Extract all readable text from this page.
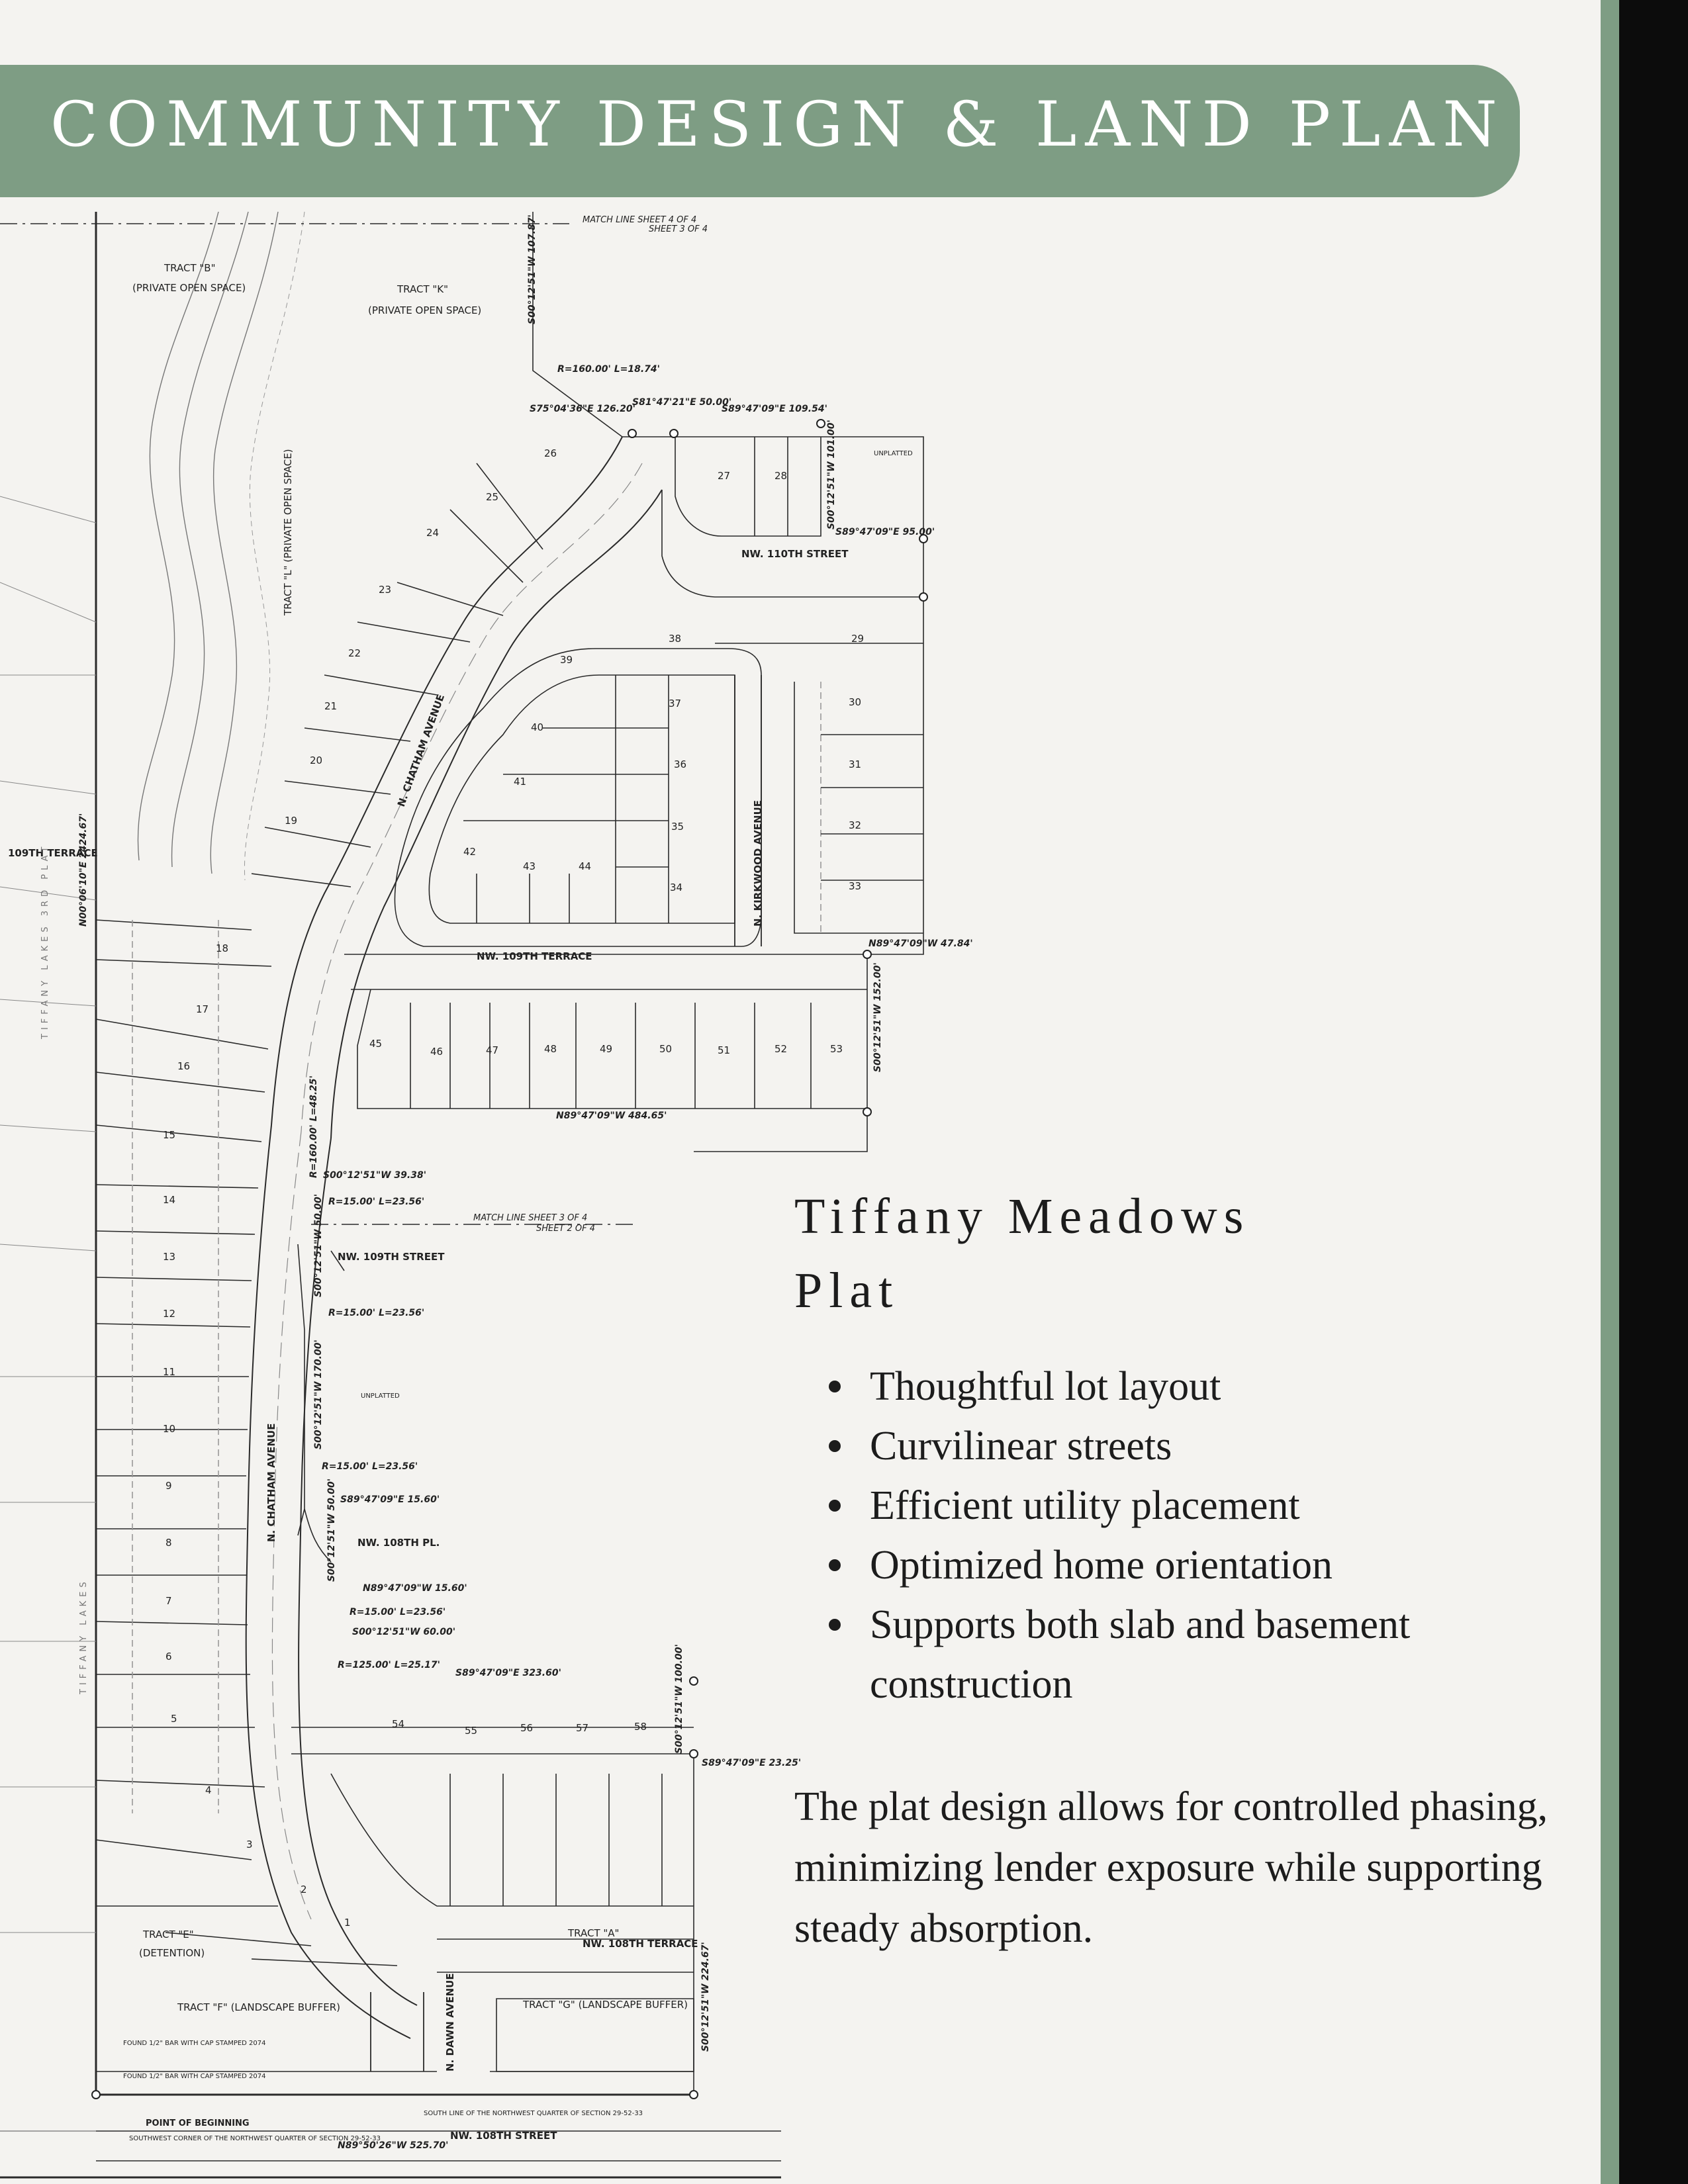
COMMUNITY DESIGN & LAND PLAN
N. CHATHAM AVENUE
NW. 110TH STREET
N. KIRKWOOD AVENUE
NW. 109TH TERRACE
109TH TERRACE
NW. 109TH STREET
N. CHATHAM AVENUE
NW. 108TH PL.
NW. 108TH TERRACE
N. DAWN AVENUE
NW. 108TH STREET
TRACT "B"
(PRIVATE OPEN SPACE)	TRACT "K"
(PRIVATE OPEN SPACE)
TRACT "L" (PRIVATE OPEN SPACE)
TRACT "E"
(DETENTION)
TRACT "A"
TRACT "F" (LANDSCAPE BUFFER)	TRACT "G" (LANDSCAPE BUFFER)
MATCH LINE SHEET 4 OF 4
SHEET 3 OF 4
MATCH LINE SHEET 3 OF 4
SHEET 2 OF 4
UNPLATTED
UNPLATTED
TIFFANY LAKES 3RD PLAT
TIFFANY LAKES
POINT OF BEGINNING
SOUTHWEST CORNER OF THE NORTHWEST QUARTER OF SECTION 29-52-33
FOUND 1/2" BAR WITH CAP STAMPED 2074
FOUND 1/2" BAR WITH CAP STAMPED 2074
SOUTH LINE OF THE NORTHWEST QUARTER OF SECTION 29-52-33
S00°12'51"W 107.87'
R=160.00' L=18.74'
S75°04'36"E 126.20'
S81°47'21"E 50.00'
S89°47'09"E 109.54'
S00°12'51"W 101.00'
S89°47'09"E 95.00'
N89°47'09"W 47.84'
S00°12'51"W 152.00'
N89°47'09"W 484.65'
S00°12'51"W 39.38'
R=15.00' L=23.56'
R=160.00' L=48.25'
S00°12'51"W 50.00'
R=15.00' L=23.56'
S00°12'51"W 170.00'
R=15.00' L=23.56'
S89°47'09"E 15.60'
S00°12'51"W 50.00'
N89°47'09"W 15.60'
R=15.00' L=23.56'
S00°12'51"W 60.00'
R=125.00' L=25.17'
S89°47'09"E 323.60'	S00°12'51"W 100.00'
S89°47'09"E 23.25'
S00°12'51"W 224.67'
N89°50'26"W 525.70'
N00°06'10"E 2424.67'
1
2
3
4
5
6
7
8
9
10
11
12
13
14
15
16
17
18
19
20
21
22
23
24
25
26
27	28
29
30
31
32
33
34
35
36
37
38
39
40
41
42
43	44
45
46	47	48	49	50	51	52	53
54
55	56	57	58
Tiffany Meadows
Plat
Thoughtful lot layout
Curvilinear streets
Efficient utility placement
Optimized home orientation
Supports both slab and basement construction
The plat design allows for controlled phasing, minimizing lender exposure while supporting steady absorption.
